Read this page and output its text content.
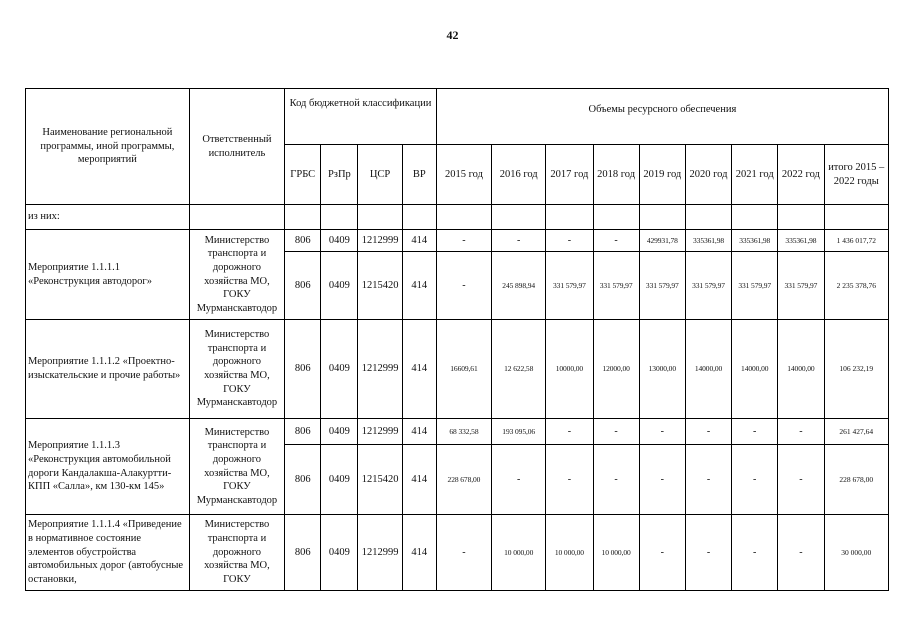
42
Наименование региональной программы, иной программы, мероприятий	Ответственный исполнитель	Код бюджетной классификации				Объемы ресурсного обеспечения								
		ГРБС	РзПр	ЦСР	ВР	2015 год	2016 год	2017 год	2018 год	2019 год	2020 год	2021 год	2022 год	итого 2015 – 2022 годы
из них:														
Мероприятие 1.1.1.1 «Реконструкция автодорог»	Министерство транспорта и дорожного хозяйства МО, ГОКУ Мурманскавтодор	806	0409	1212999	414	-	-	-	-	429931,78	335361,98	335361,98	335361,98	1 436 017,72
		806	0409	1215420	414	-	245 898,94	331 579,97	331 579,97	331 579,97	331 579,97	331 579,97	331 579,97	2 235 378,76
Мероприятие 1.1.1.2 «Проектно-изыскательские и прочие работы»	Министерство транспорта и дорожного хозяйства МО, ГОКУ Мурманскавтодор	806	0409	1212999	414	16609,61	12 622,58	10000,00	12000,00	13000,00	14000,00	14000,00	14000,00	106 232,19
Мероприятие 1.1.1.3 «Реконструкция автомобильной дороги Кандалакша-Алакуртти-КПП «Салла», км 130-км 145»	Министерство транспорта и дорожного хозяйства МО, ГОКУ Мурманскавтодор	806	0409	1212999	414	68 332,58	193 095,06	-	-	-	-	-	-	261 427,64
		806	0409	1215420	414	228 678,00	-	-	-	-	-	-	-	228 678,00
Мероприятие 1.1.1.4 «Приведение в нормативное состояние элементов обустройства автомобильных дорог (автобусные остановки,	Министерство транспорта и дорожного хозяйства МО, ГОКУ	806	0409	1212999	414	-	10 000,00	10 000,00	10 000,00	-	-	-	-	30 000,00
